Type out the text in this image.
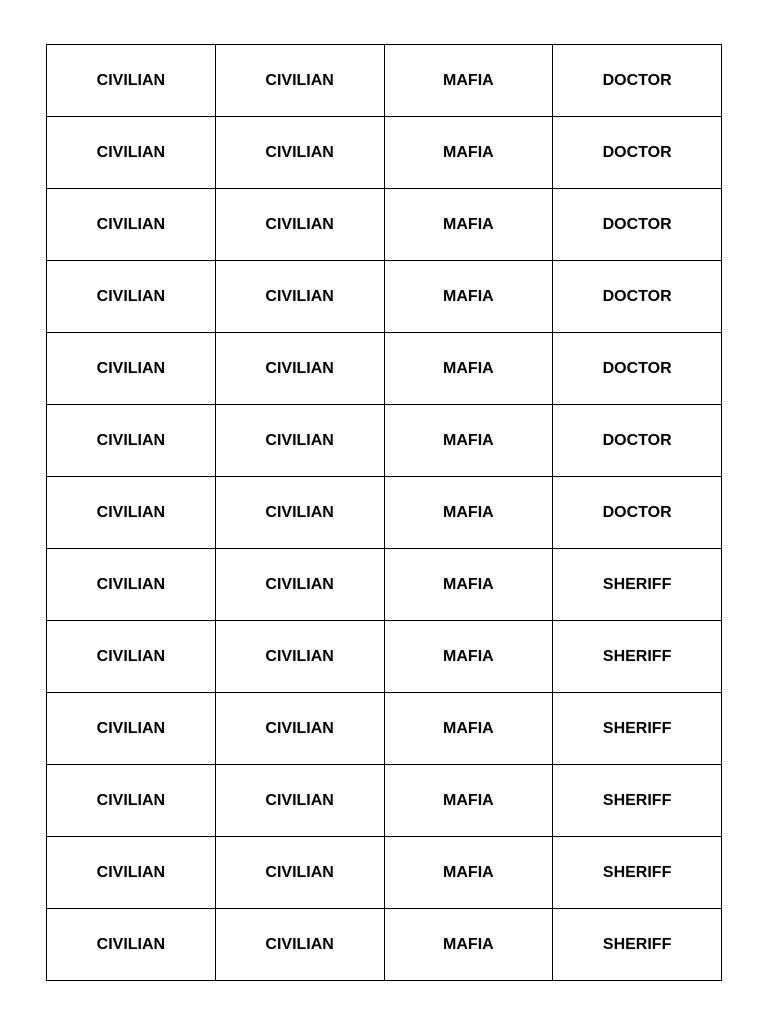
CIVILIAN	CIVILIAN	MAFIA	DOCTOR
CIVILIAN	CIVILIAN	MAFIA	DOCTOR
CIVILIAN	CIVILIAN	MAFIA	DOCTOR
CIVILIAN	CIVILIAN	MAFIA	DOCTOR
CIVILIAN	CIVILIAN	MAFIA	DOCTOR
CIVILIAN	CIVILIAN	MAFIA	DOCTOR
CIVILIAN	CIVILIAN	MAFIA	DOCTOR
CIVILIAN	CIVILIAN	MAFIA	SHERIFF
CIVILIAN	CIVILIAN	MAFIA	SHERIFF
CIVILIAN	CIVILIAN	MAFIA	SHERIFF
CIVILIAN	CIVILIAN	MAFIA	SHERIFF
CIVILIAN	CIVILIAN	MAFIA	SHERIFF
CIVILIAN	CIVILIAN	MAFIA	SHERIFF
